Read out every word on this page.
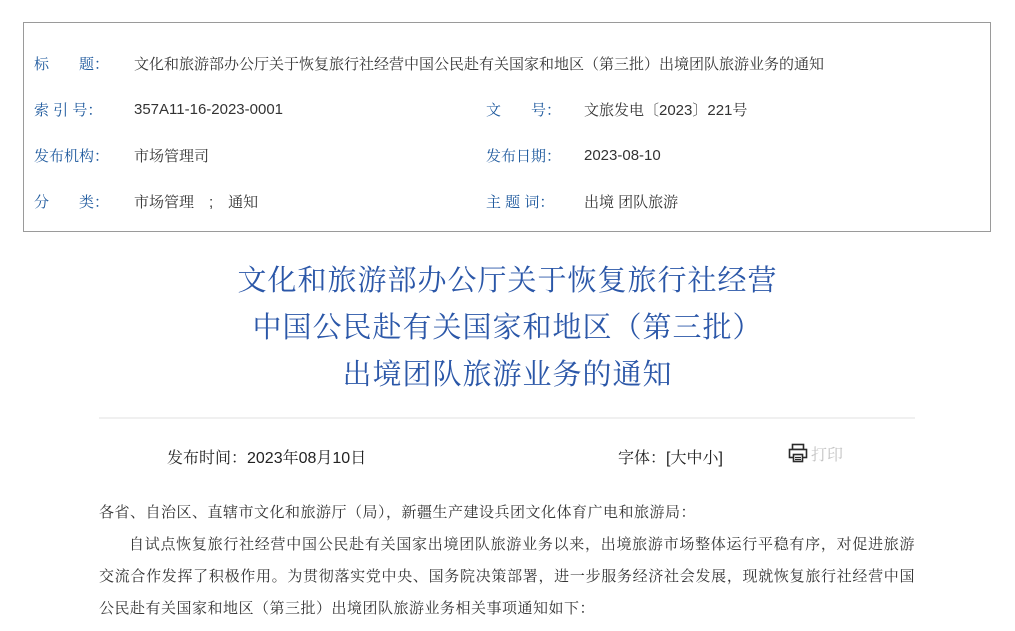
标　　题：	文化和旅游部办公厅关于恢复旅行社经营中国公民赴有关国家和地区（第三批）出境团队旅游业务的通知
索 引 号：	357A11-16-2023-0001	文　　号：	文旅发电〔2023〕221号
发布机构：	市场管理司	发布日期：	2023-08-10
分　　类：	市场管理　;　通知	主 题 词：	出境 团队旅游
文化和旅游部办公厅关于恢复旅行社经营
中国公民赴有关国家和地区（第三批）
出境团队旅游业务的通知
发布时间：2023年08月10日	字体：[大中小]	打印

各省、自治区、直辖市文化和旅游厅（局），新疆生产建设兵团文化体育广电和旅游局：

自试点恢复旅行社经营中国公民赴有关国家出境团队旅游业务以来，出境旅游市场整体运行平稳有序，对促进旅游交流合作发挥了积极作用。为贯彻落实党中央、国务院决策部署，进一步服务经济社会发展，现就恢复旅行社经营中国公民赴有关国家和地区（第三批）出境团队旅游业务相关事项通知如下：
